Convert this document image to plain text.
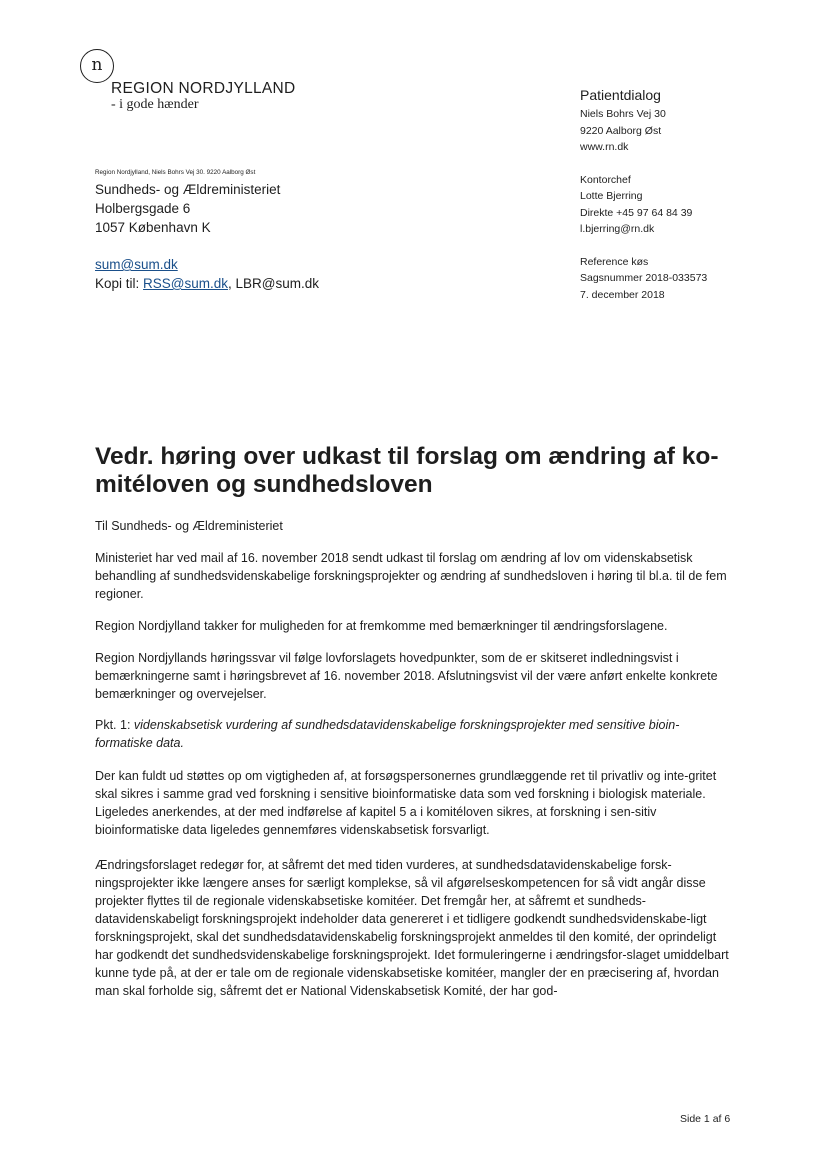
n
REGION NORDJYLLAND
- i gode hænder
Patientdialog
Niels Bohrs Vej 30
9220 Aalborg Øst
www.rn.dk
Kontorchef
Lotte Bjerring
Direkte +45 97 64 84 39
l.bjerring@rn.dk
Reference køs
Sagsnummer 2018-033573
7. december 2018
Region Nordjylland, Niels Bohrs Vej 30. 9220 Aalborg Øst
Sundheds- og Ældreministeriet
Holbergsgade 6
1057 København K
sum@sum.dk
Kopi til: RSS@sum.dk, LBR@sum.dk
Vedr. høring over udkast til forslag om ændring af ko-mitéloven og sundhedsloven
Til Sundheds- og Ældreministeriet
Ministeriet har ved mail af 16. november 2018 sendt udkast til forslag om ændring af lov om videnskabsetisk behandling af sundhedsvidenskabelige forskningsprojekter og ændring af sundhedsloven i høring til bl.a. til de fem regioner.
Region Nordjylland takker for muligheden for at fremkomme med bemærkninger til ændringsforslagene.
Region Nordjyllands høringssvar vil følge lovforslagets hovedpunkter, som de er skitseret indledningsvist i bemærkningerne samt i høringsbrevet af 16. november 2018. Afslutningsvist vil der være anført enkelte konkrete bemærkninger og overvejelser.
Pkt. 1: videnskabsetisk vurdering af sundhedsdatavidenskabelige forskningsprojekter med sensitive bioin-formatiske data.
Der kan fuldt ud støttes op om vigtigheden af, at forsøgspersonernes grundlæggende ret til privatliv og inte-gritet skal sikres i samme grad ved forskning i sensitive bioinformatiske data som ved forskning i biologisk materiale. Ligeledes anerkendes, at der med indførelse af kapitel 5 a i komitéloven sikres, at forskning i sen-sitiv bioinformatiske data ligeledes gennemføres videnskabsetisk forsvarligt.
Ændringsforslaget redegør for, at såfremt det med tiden vurderes, at sundhedsdatavidenskabelige forsk-ningsprojekter ikke længere anses for særligt komplekse, så vil afgørelseskompetencen for så vidt angår disse projekter flyttes til de regionale videnskabsetiske komitéer. Det fremgår her, at såfremt et sundheds-datavidenskabeligt forskningsprojekt indeholder data genereret i et tidligere godkendt sundhedsvidenskabe-ligt forskningsprojekt, skal det sundhedsdatavidenskabelig forskningsprojekt anmeldes til den komité, der oprindeligt har godkendt det sundhedsvidenskabelige forskningsprojekt. Idet formuleringerne i ændringsfor-slaget umiddelbart kunne tyde på, at der er tale om de regionale videnskabsetiske komitéer, mangler der en præcisering af, hvordan man skal forholde sig, såfremt det er National Videnskabsetisk Komité, der har god-
Side 1 af 6
